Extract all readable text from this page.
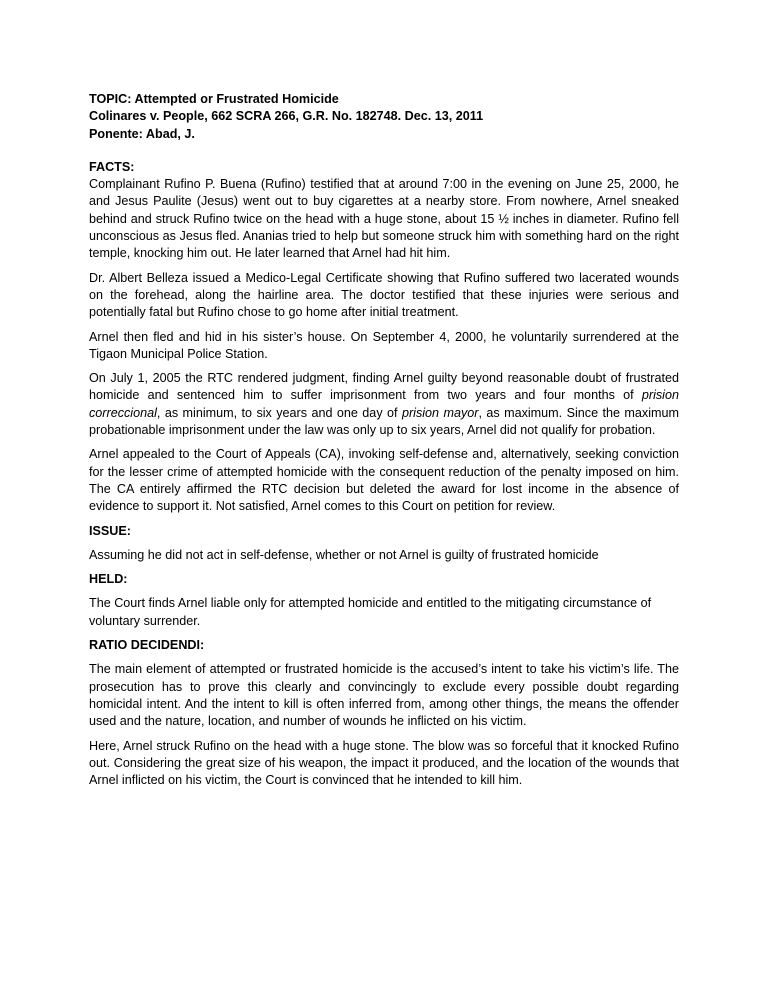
TOPIC: Attempted or Frustrated Homicide
Colinares v. People, 662 SCRA 266, G.R. No. 182748. Dec. 13, 2011
Ponente: Abad, J.
FACTS:

Complainant Rufino P. Buena (Rufino) testified that at around 7:00 in the evening on June 25, 2000, he and Jesus Paulite (Jesus) went out to buy cigarettes at a nearby store. From nowhere, Arnel sneaked behind and struck Rufino twice on the head with a huge stone, about 15 ½ inches in diameter. Rufino fell unconscious as Jesus fled. Ananias tried to help but someone struck him with something hard on the right temple, knocking him out. He later learned that Arnel had hit him.

Dr. Albert Belleza issued a Medico-Legal Certificate showing that Rufino suffered two lacerated wounds on the forehead, along the hairline area. The doctor testified that these injuries were serious and potentially fatal but Rufino chose to go home after initial treatment.

Arnel then fled and hid in his sister’s house. On September 4, 2000, he voluntarily surrendered at the Tigaon Municipal Police Station.

On July 1, 2005 the RTC rendered judgment, finding Arnel guilty beyond reasonable doubt of frustrated homicide and sentenced him to suffer imprisonment from two years and four months of prision correccional, as minimum, to six years and one day of prision mayor, as maximum. Since the maximum probationable imprisonment under the law was only up to six years, Arnel did not qualify for probation.

Arnel appealed to the Court of Appeals (CA), invoking self-defense and, alternatively, seeking conviction for the lesser crime of attempted homicide with the consequent reduction of the penalty imposed on him. The CA entirely affirmed the RTC decision but deleted the award for lost income in the absence of evidence to support it. Not satisfied, Arnel comes to this Court on petition for review.

ISSUE:

Assuming he did not act in self-defense, whether or not Arnel is guilty of frustrated homicide

HELD:

The Court finds Arnel liable only for attempted homicide and entitled to the mitigating circumstance of voluntary surrender.

RATIO DECIDENDI:

The main element of attempted or frustrated homicide is the accused’s intent to take his victim’s life. The prosecution has to prove this clearly and convincingly to exclude every possible doubt regarding homicidal intent. And the intent to kill is often inferred from, among other things, the means the offender used and the nature, location, and number of wounds he inflicted on his victim.

Here, Arnel struck Rufino on the head with a huge stone. The blow was so forceful that it knocked Rufino out. Considering the great size of his weapon, the impact it produced, and the location of the wounds that Arnel inflicted on his victim, the Court is convinced that he intended to kill him.
